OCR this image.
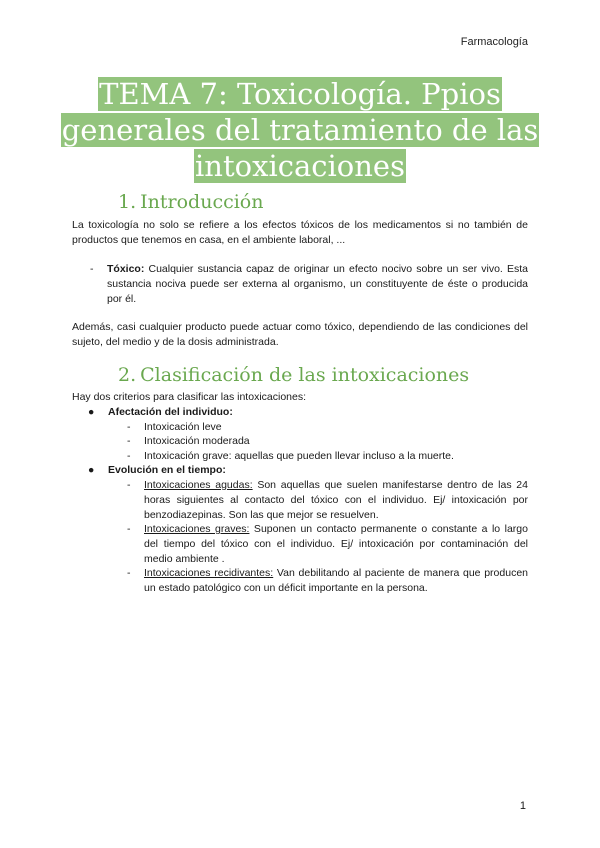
Farmacología
TEMA 7: Toxicología. Ppios
generales del tratamiento de las
intoxicaciones
1. Introducción
La toxicología no solo se refiere a los efectos tóxicos de los medicamentos si no también de productos que tenemos en casa, en el ambiente laboral, ...
- Tóxico: Cualquier sustancia capaz de originar un efecto nocivo sobre un ser vivo. Esta sustancia nociva puede ser externa al organismo, un constituyente de éste o producida por él.
Además, casi cualquier producto puede actuar como tóxico, dependiendo de las condiciones del sujeto, del medio y de la dosis administrada.
2. Clasificación de las intoxicaciones
Hay dos criterios para clasificar las intoxicaciones:
● Afectación del individuo:
- Intoxicación leve
- Intoxicación moderada
- Intoxicación grave: aquellas que pueden llevar incluso a la muerte.
● Evolución en el tiempo:
- Intoxicaciones agudas: Son aquellas que suelen manifestarse dentro de las 24 horas siguientes al contacto del tóxico con el individuo. Ej/ intoxicación por benzodiazepinas. Son las que mejor se resuelven.
- Intoxicaciones graves: Suponen un contacto permanente o constante a lo largo del tiempo del tóxico con el individuo. Ej/ intoxicación por contaminación del medio ambiente .
- Intoxicaciones recidivantes: Van debilitando al paciente de manera que producen un estado patológico con un déficit importante en la persona.
1
